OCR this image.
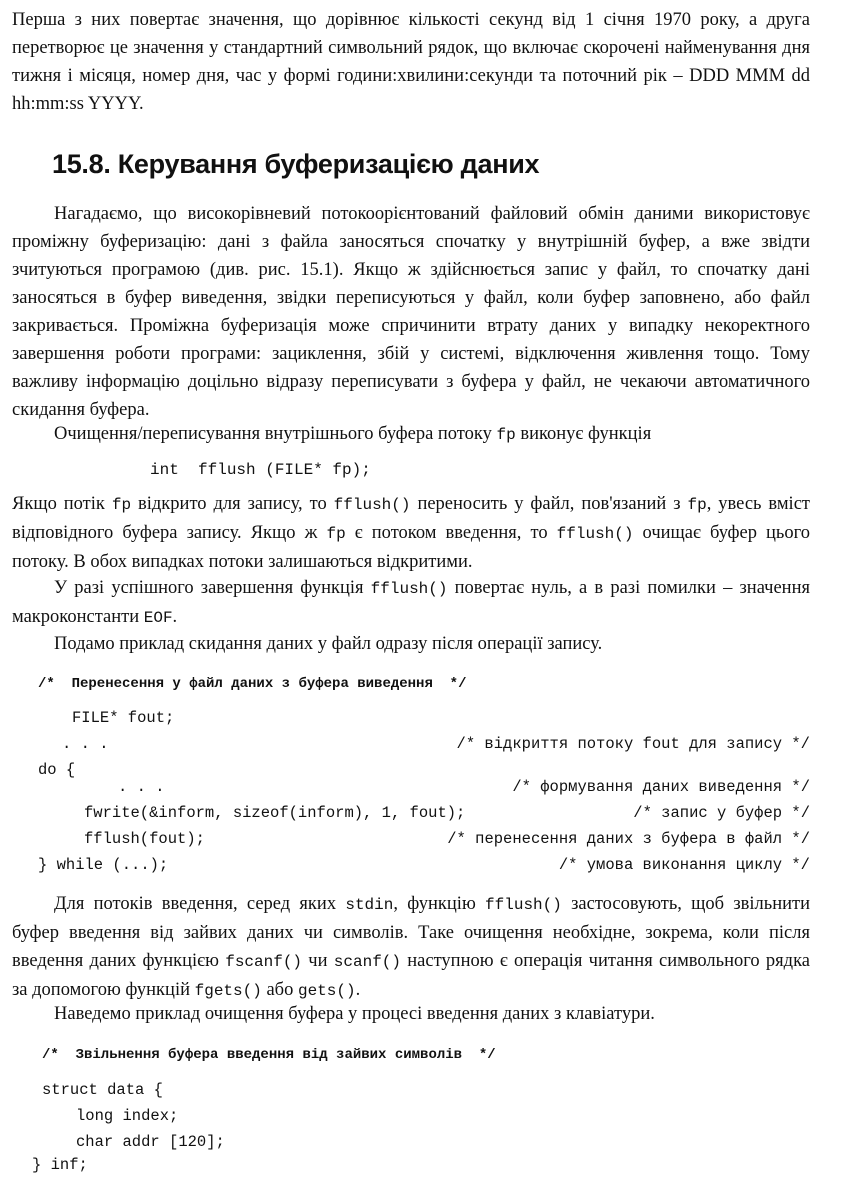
Перша з них повертає значення, що дорівнює кількості секунд від 1 січня 1970 року, а друга перетворює це значення у стандартний символьний рядок, що включає скорочені найменування дня тижня і місяця, номер дня, час у формі години:хвилини:секунди та поточний рік – DDD MMM dd hh:mm:ss YYYY.

15.8. Керування буферизацією даних

Нагадаємо, що високорівневий потокоорієнтований файловий обмін даними використовує проміжну буферизацію: дані з файла заносяться спочатку у внутрішній буфер, а вже звідти зчитуються програмою (див. рис. 15.1). Якщо ж здійснюється запис у файл, то спочатку дані заносяться в буфер виведення, звідки переписуються у файл, коли буфер заповнено, або файл закривається. Проміжна буферизація може спричинити втрату даних у випадку некоректного завершення роботи програми: зациклення, збій у системі, відключення живлення тощо. Тому важливу інформацію доцільно відразу переписувати з буфера у файл, не чекаючи автоматичного скидання буфера.

Очищення/переписування внутрішнього буфера потоку fp виконує функція

int  fflush (FILE* fp);

Якщо потік fp відкрито для запису, то fflush() переносить у файл, пов'язаний з fp, увесь вміст відповідного буфера запису. Якщо ж fp є потоком введення, то fflush() очищає буфер цього потоку. В обох випадках потоки залишаються відкритими.

У разі успішного завершення функція fflush() повертає нуль, а в разі помилки – значення макроконстанти EOF.

Подамо приклад скидання даних у файл одразу після операції запису.

/*  Перенесення у файл даних з буфера виведення  */
FILE* fout;
. . .	/* відкриття потоку fout для запису */
do {
. . .	/* формування даних виведення */
fwrite(&inform, sizeof(inform), 1, fout);	/* запис у буфер */
fflush(fout);	/* перенесення даних з буфера в файл */
} while (...);	/* умова виконання циклу */

Для потоків введення, серед яких stdin, функцію fflush() застосовують, щоб звільнити буфер введення від зайвих даних чи символів. Таке очищення необхідне, зокрема, коли після введення даних функцією fscanf() чи scanf() наступною є операція читання символьного рядка за допомогою функцій fgets() або gets().

Наведемо приклад очищення буфера у процесі введення даних з клавіатури.

/*  Звільнення буфера введення від зайвих символів  */
struct data {
long index;
char addr [120];
} inf;
